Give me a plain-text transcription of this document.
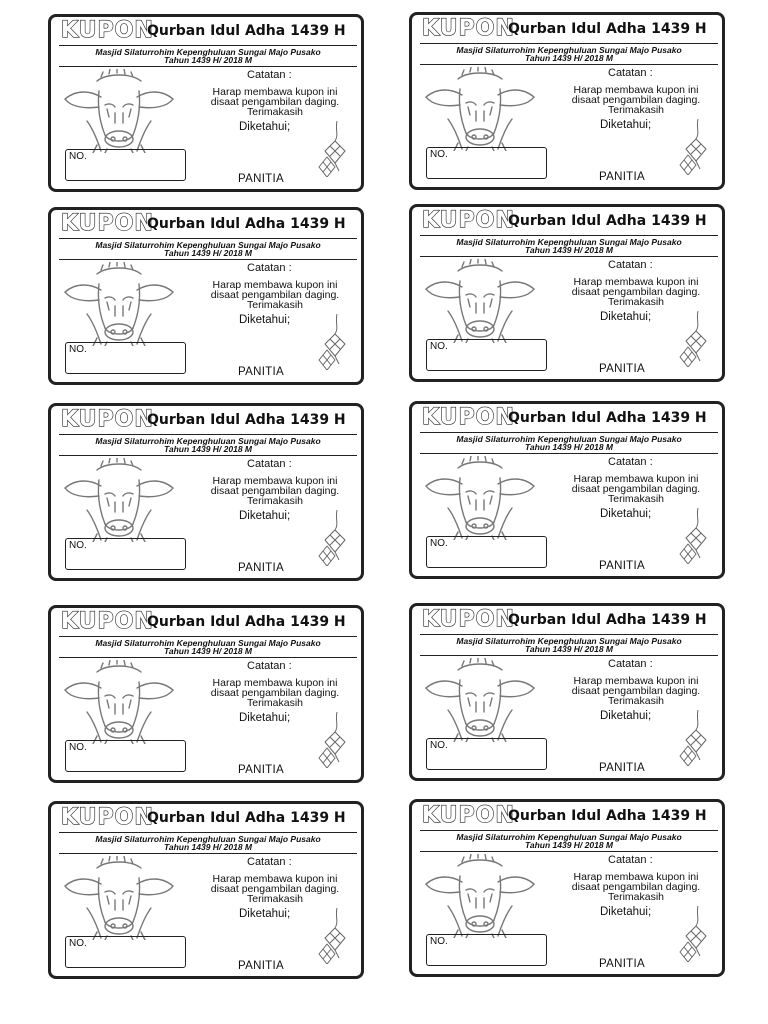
KUPON
Qurban Idul Adha 1439 H
Masjid Silaturrohim Kepenghuluan Sungai Majo Pusako
Tahun 1439 H/ 2018 M
Catatan :
Harap membawa kupon ini
disaat pengambilan daging.
Terimakasih
Diketahui;
NO.
PANITIA
KUPON
Qurban Idul Adha 1439 H
Masjid Silaturrohim Kepenghuluan Sungai Majo Pusako
Tahun 1439 H/ 2018 M
Catatan :
Harap membawa kupon ini
disaat pengambilan daging.
Terimakasih
Diketahui;
NO.
PANITIA
KUPON
Qurban Idul Adha 1439 H
Masjid Silaturrohim Kepenghuluan Sungai Majo Pusako
Tahun 1439 H/ 2018 M
Catatan :
Harap membawa kupon ini
disaat pengambilan daging.
Terimakasih
Diketahui;
NO.
PANITIA
KUPON
Qurban Idul Adha 1439 H
Masjid Silaturrohim Kepenghuluan Sungai Majo Pusako
Tahun 1439 H/ 2018 M
Catatan :
Harap membawa kupon ini
disaat pengambilan daging.
Terimakasih
Diketahui;
NO.
PANITIA
KUPON
Qurban Idul Adha 1439 H
Masjid Silaturrohim Kepenghuluan Sungai Majo Pusako
Tahun 1439 H/ 2018 M
Catatan :
Harap membawa kupon ini
disaat pengambilan daging.
Terimakasih
Diketahui;
NO.
PANITIA
KUPON
Qurban Idul Adha 1439 H
Masjid Silaturrohim Kepenghuluan Sungai Majo Pusako
Tahun 1439 H/ 2018 M
Catatan :
Harap membawa kupon ini
disaat pengambilan daging.
Terimakasih
Diketahui;
NO.
PANITIA
KUPON
Qurban Idul Adha 1439 H
Masjid Silaturrohim Kepenghuluan Sungai Majo Pusako
Tahun 1439 H/ 2018 M
Catatan :
Harap membawa kupon ini
disaat pengambilan daging.
Terimakasih
Diketahui;
NO.
PANITIA
KUPON
Qurban Idul Adha 1439 H
Masjid Silaturrohim Kepenghuluan Sungai Majo Pusako
Tahun 1439 H/ 2018 M
Catatan :
Harap membawa kupon ini
disaat pengambilan daging.
Terimakasih
Diketahui;
NO.
PANITIA
KUPON
Qurban Idul Adha 1439 H
Masjid Silaturrohim Kepenghuluan Sungai Majo Pusako
Tahun 1439 H/ 2018 M
Catatan :
Harap membawa kupon ini
disaat pengambilan daging.
Terimakasih
Diketahui;
NO.
PANITIA
KUPON
Qurban Idul Adha 1439 H
Masjid Silaturrohim Kepenghuluan Sungai Majo Pusako
Tahun 1439 H/ 2018 M
Catatan :
Harap membawa kupon ini
disaat pengambilan daging.
Terimakasih
Diketahui;
NO.
PANITIA
